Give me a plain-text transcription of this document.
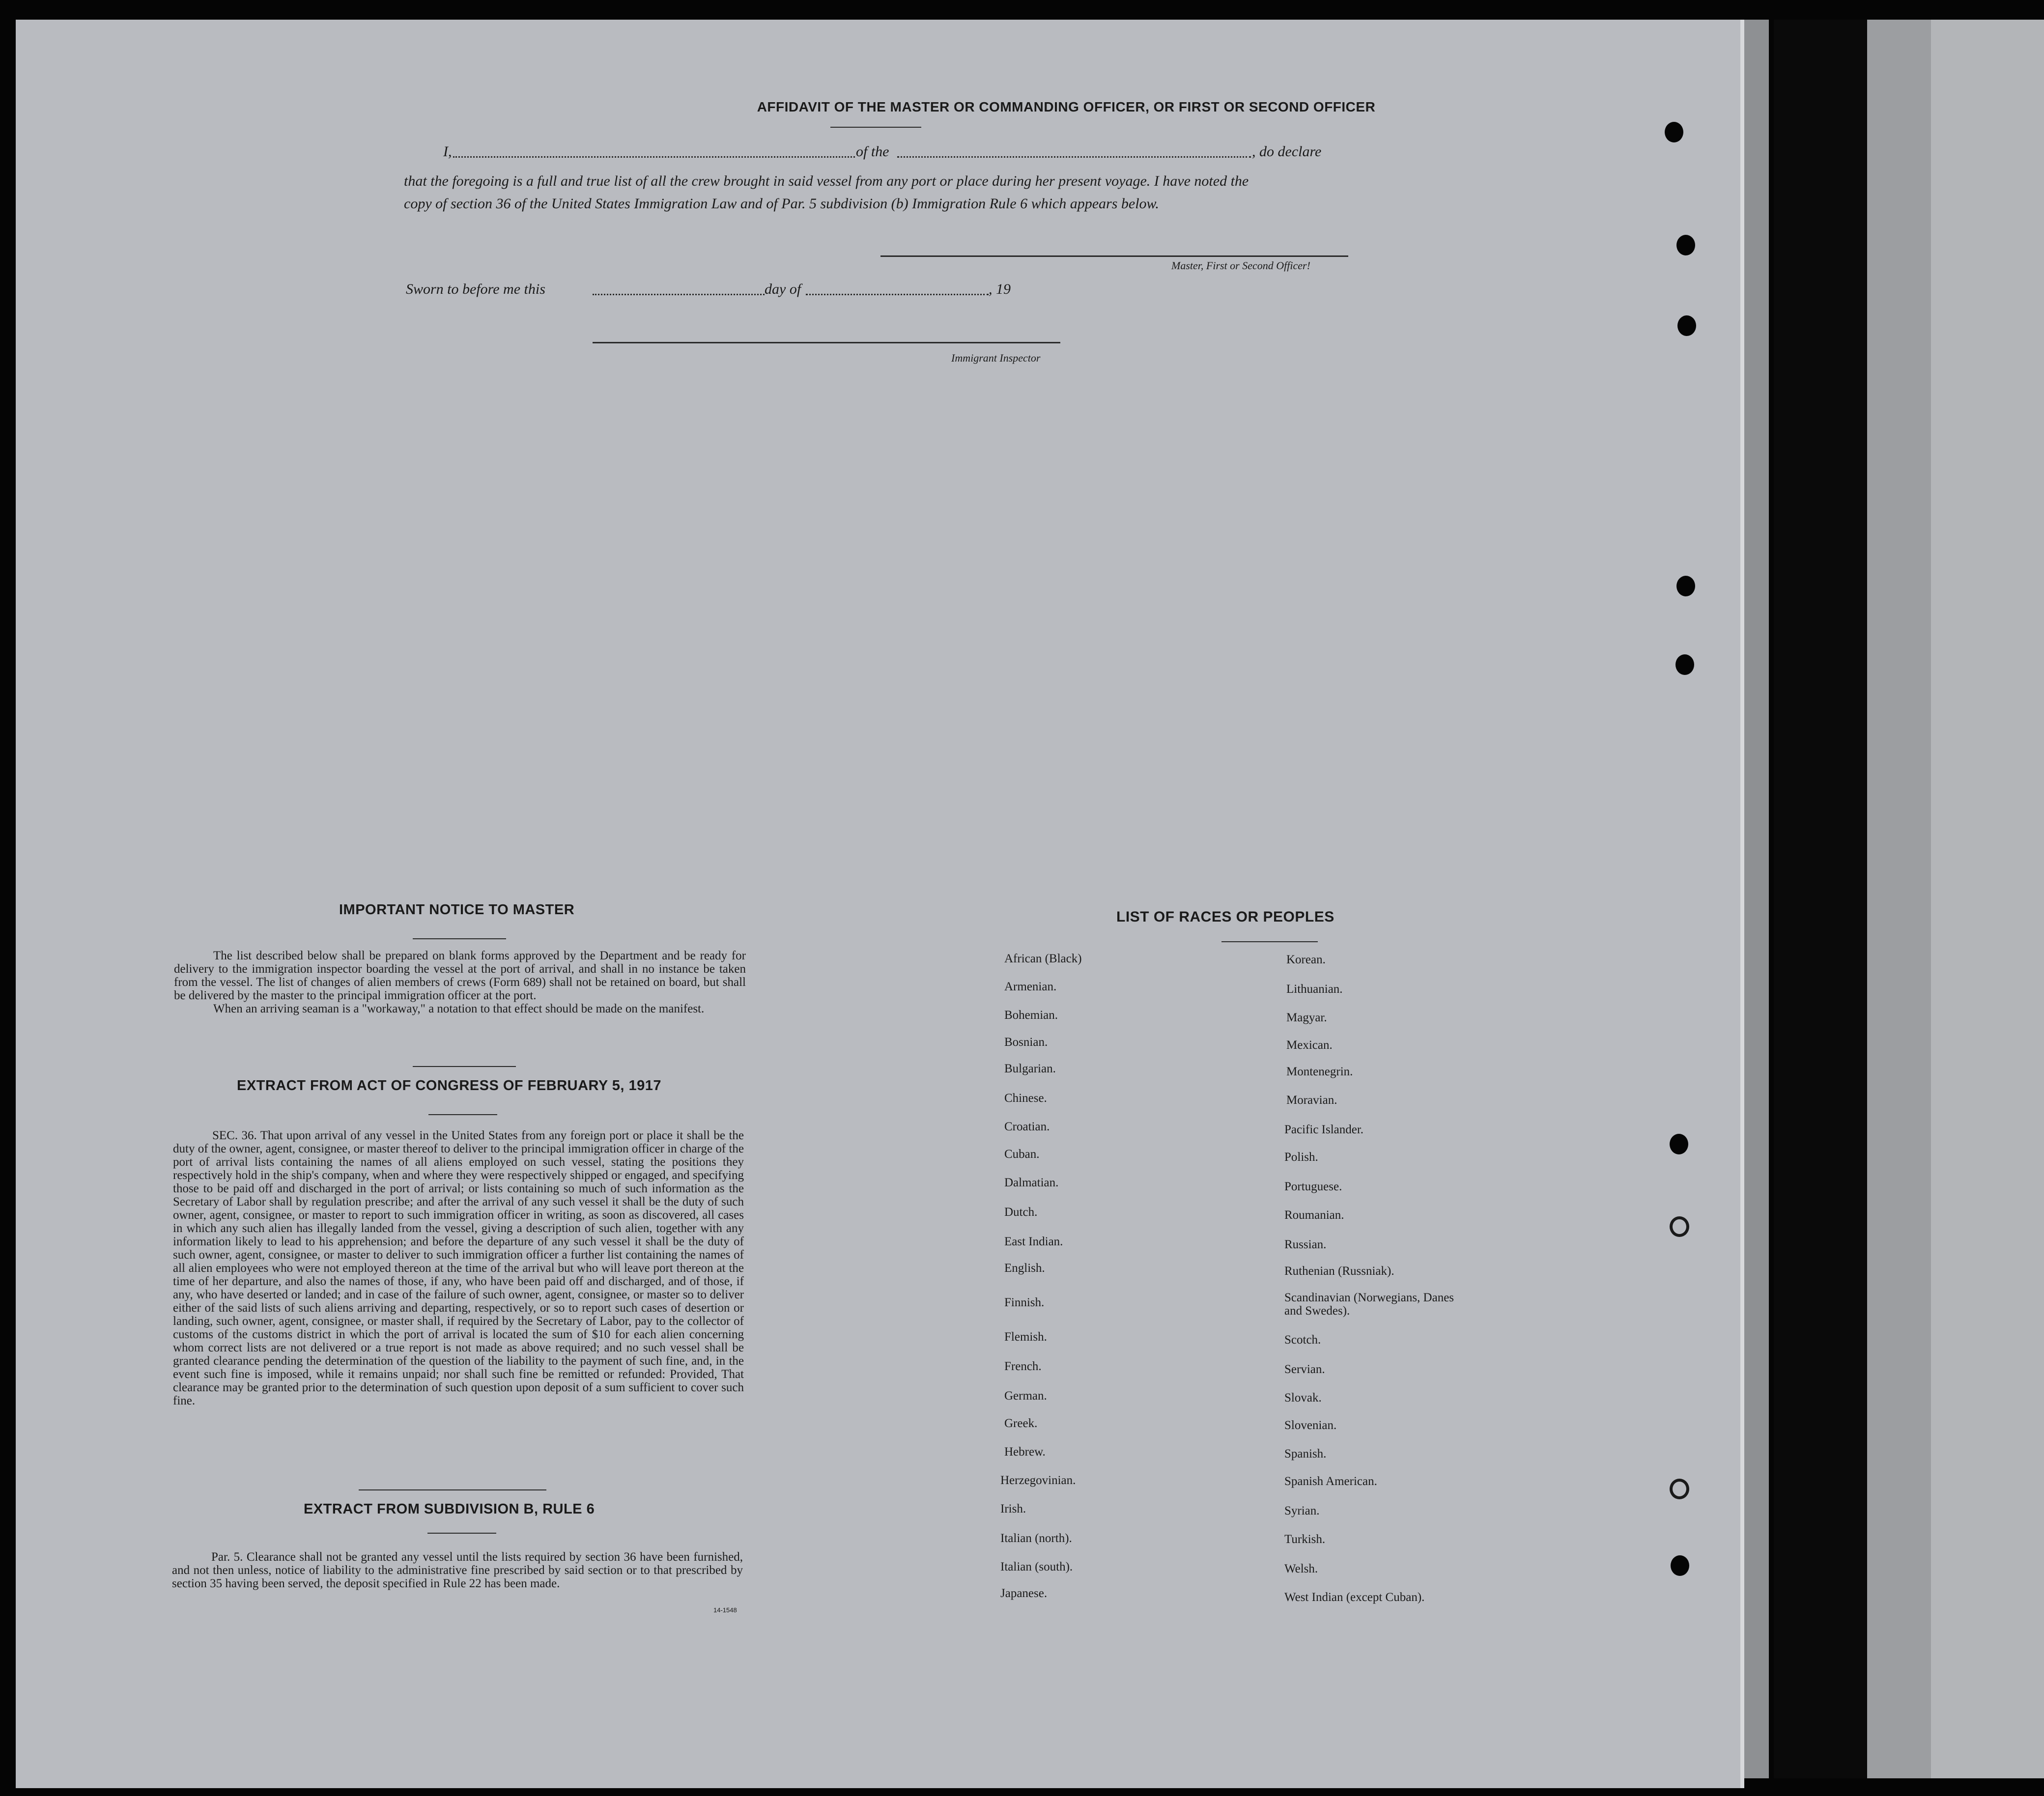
AFFIDAVIT OF THE MASTER OR COMMANDING OFFICER, OR FIRST OR SECOND OFFICER
I,	of the	, do declare
that the foregoing is a full and true list of all the crew brought in said vessel from any port or place during her present voyage. I have noted the
copy of section 36 of the United States Immigration Law and of Par. 5 subdivision (b) Immigration Rule 6 which appears below.
Master, First or Second Officer!
Sworn to before me this	day of	, 19
Immigrant Inspector
IMPORTANT NOTICE TO MASTER

The list described below shall be prepared on blank forms approved by the Department and be ready for delivery to the immigration inspector boarding the vessel at the port of arrival, and shall in no instance be taken from the vessel. The list of changes of alien members of crews (Form 689) shall not be retained on board, but shall be delivered by the master to the principal immigration officer at the port.

When an arriving seaman is a "workaway," a notation to that effect should be made on the manifest.

EXTRACT FROM ACT OF CONGRESS OF FEBRUARY 5, 1917

SEC. 36. That upon arrival of any vessel in the United States from any foreign port or place it shall be the duty of the owner, agent, consignee, or master thereof to deliver to the principal immigration officer in charge of the port of arrival lists containing the names of all aliens employed on such vessel, stating the positions they respectively hold in the ship's company, when and where they were respectively shipped or engaged, and specifying those to be paid off and discharged in the port of arrival; or lists containing so much of such information as the Secretary of Labor shall by regulation prescribe; and after the arrival of any such vessel it shall be the duty of such owner, agent, consignee, or master to report to such immigration officer in writing, as soon as discovered, all cases in which any such alien has illegally landed from the vessel, giving a description of such alien, together with any information likely to lead to his apprehension; and before the departure of any such vessel it shall be the duty of such owner, agent, consignee, or master to deliver to such immigration officer a further list containing the names of all alien employees who were not employed thereon at the time of the arrival but who will leave port thereon at the time of her departure, and also the names of those, if any, who have been paid off and discharged, and of those, if any, who have deserted or landed; and in case of the failure of such owner, agent, consignee, or master so to deliver either of the said lists of such aliens arriving and departing, respectively, or so to report such cases of desertion or landing, such owner, agent, consignee, or master shall, if required by the Secretary of Labor, pay to the collector of customs of the customs district in which the port of arrival is located the sum of $10 for each alien concerning whom correct lists are not delivered or a true report is not made as above required; and no such vessel shall be granted clearance pending the determination of the question of the liability to the payment of such fine, and, in the event such fine is imposed, while it remains unpaid; nor shall such fine be remitted or refunded: Provided, That clearance may be granted prior to the determination of such question upon deposit of a sum sufficient to cover such fine.

EXTRACT FROM SUBDIVISION B, RULE 6

Par. 5. Clearance shall not be granted any vessel until the lists required by section 36 have been furnished, and not then unless, notice of liability to the administrative fine prescribed by said section or to that prescribed by section 35 having been served, the deposit specified in Rule 22 has been made.

14-1548
LIST OF RACES OR PEOPLES
African (Black)
Armenian.
Bohemian.
Bosnian.
Bulgarian.
Chinese.
Croatian.
Cuban.
Dalmatian.
Dutch.
East Indian.
English.
Finnish.
Flemish.
French.
German.
Greek.
Hebrew.
Herzegovinian.
Irish.
Italian (north).
Italian (south).
Japanese.
Korean.
Lithuanian.
Magyar.
Mexican.
Montenegrin.
Moravian.
Pacific Islander.
Polish.
Portuguese.
Roumanian.
Russian.
Ruthenian (Russniak).
Scandinavian (Norwegians, Danes and Swedes).
Scotch.
Servian.
Slovak.
Slovenian.
Spanish.
Spanish American.
Syrian.
Turkish.
Welsh.
West Indian (except Cuban).
